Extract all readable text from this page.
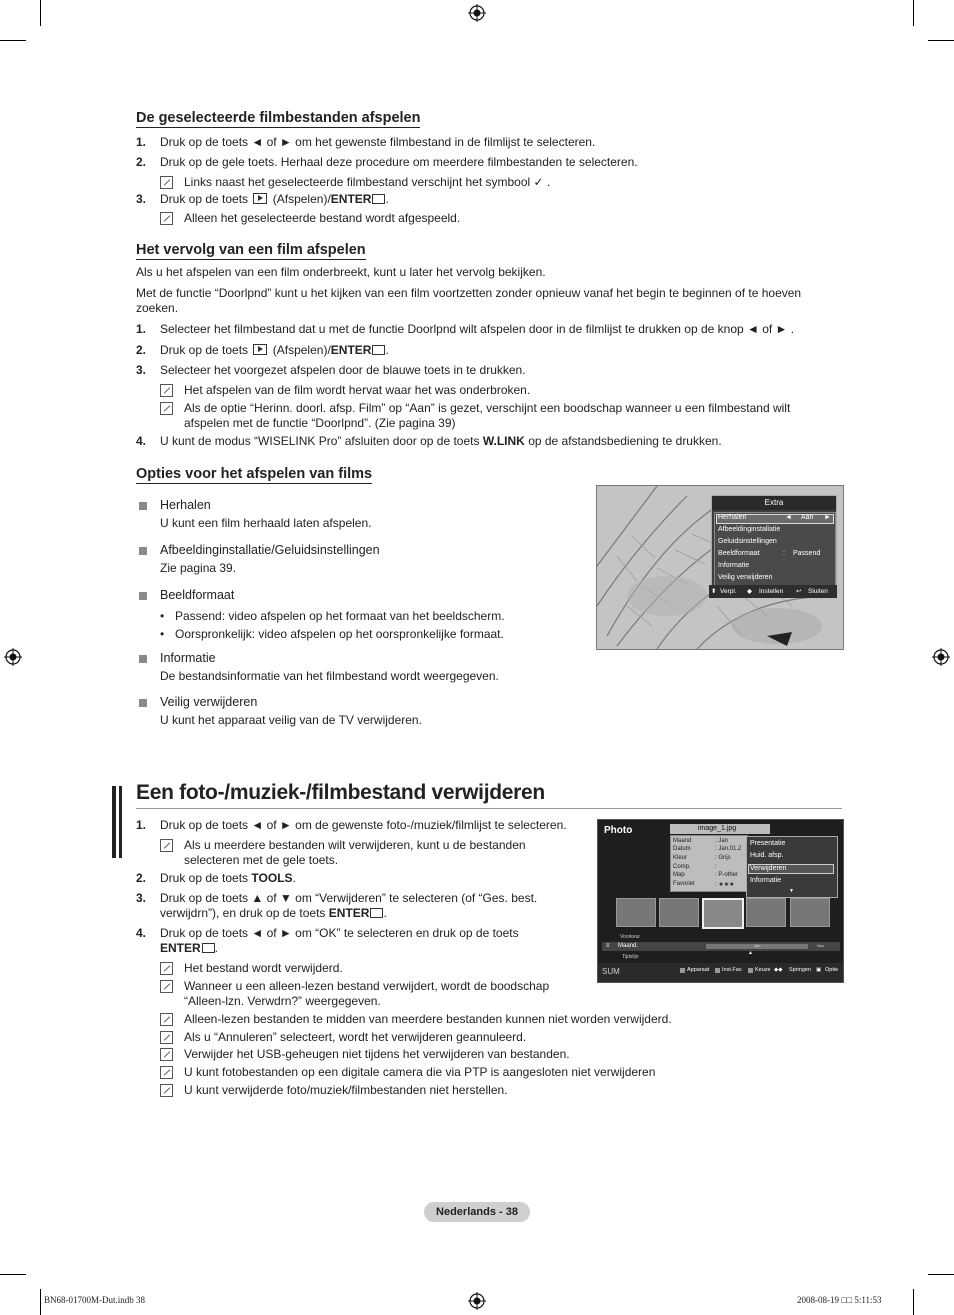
De geselecteerde filmbestanden afspelen
1. Druk op de toets ◄ of ► om het gewenste filmbestand in de filmlijst te selecteren.
2. Druk op de gele toets. Herhaal deze procedure om meerdere filmbestanden te selecteren.
Links naast het geselecteerde filmbestand verschijnt het symbool ✓ .
3. Druk op de toets (Afspelen)/ENTER .
Alleen het geselecteerde bestand wordt afgespeeld.
Het vervolg van een film afspelen
Als u het afspelen van een film onderbreekt, kunt u later het vervolg bekijken.
Met de functie “Doorlpnd” kunt u het kijken van een film voortzetten zonder opnieuw vanaf het begin te beginnen of te hoeven zoeken.
1. Selecteer het filmbestand dat u met de functie Doorlpnd wilt afspelen door in de filmlijst te drukken op de knop ◄ of ► .
2. Druk op de toets (Afspelen)/ENTER .
3. Selecteer het voorgezet afspelen door de blauwe toets in te drukken.
Het afspelen van de film wordt hervat waar het was onderbroken.
Als de optie “Herinn. doorl. afsp. Film” op “Aan” is gezet, verschijnt een boodschap wanneer u een filmbestand wilt afspelen met de functie “Doorlpnd”. (Zie pagina 39)
4. U kunt de modus “WISELINK Pro” afsluiten door op de toets W.LINK op de afstandsbediening te drukken.
Opties voor het afspelen van films
Herhalen
U kunt een film herhaald laten afspelen.
Afbeeldinginstallatie/Geluidsinstellingen
Zie pagina 39.
Beeldformaat
• Passend: video afspelen op het formaat van het beeldscherm.
• Oorspronkelijk: video afspelen op het oorspronkelijke formaat.
Informatie
De bestandsinformatie van het filmbestand wordt weergegeven.
Veilig verwijderen
U kunt het apparaat veilig van de TV verwijderen.
Extra
Herhalen	◄ Aan ►
Afbeeldinginstallatie
Geluidsinstellingen
Beeldformaat	: Passend
Informatie
Veilig verwijderen
⬍ Verpl. ◆ Instellen ↩ Sluiten
Een foto-/muziek-/filmbestand verwijderen
1. Druk op de toets ◄ of ► om de gewenste foto-/muziek/filmlijst te selecteren.
Als u meerdere bestanden wilt verwijderen, kunt u de bestanden selecteren met de gele toets.
2. Druk op de toets TOOLS.
3. Druk op de toets ▲ of ▼ om “Verwijderen” te selecteren (of “Ges. best. verwijdrn”), en druk op de toets ENTER .
4. Druk op de toets ◄ of ► om “OK” te selecteren en druk op de toets ENTER .
Het bestand wordt verwijderd.
Wanneer u een alleen-lezen bestand verwijdert, wordt de boodschap “Alleen-lzn. Verwdrn?” weergegeven.
Alleen-lezen bestanden te midden van meerdere bestanden kunnen niet worden verwijderd.
Als u “Annuleren” selecteert, wordt het verwijderen geannuleerd.
Verwijder het USB-geheugen niet tijdens het verwijderen van bestanden.
U kunt fotobestanden op een digitale camera die via PTP is aangesloten niet verwijderen
U kunt verwijderde foto/muziek/filmbestanden niet herstellen.
Photo	image_1.jpg
Maand	: Jan
Datum	: Jan.01.2
Kleur	: Grijs
Comp.	:
Map	: P-other
Favoriet	: ★★★
Presentatie
Huid. afsp.
Verwijderen
Informatie
▼
Voorkeur
≡ Maand.	Jan	Nov
▲
Tijdslijn
SUM	Apparaat Inst.Fav. Keuze ◆◆ Springen ▣ Optie
Nederlands - 38
BN68-01700M-Dut.indb 38	2008-08-19 □□ 5:11:53
